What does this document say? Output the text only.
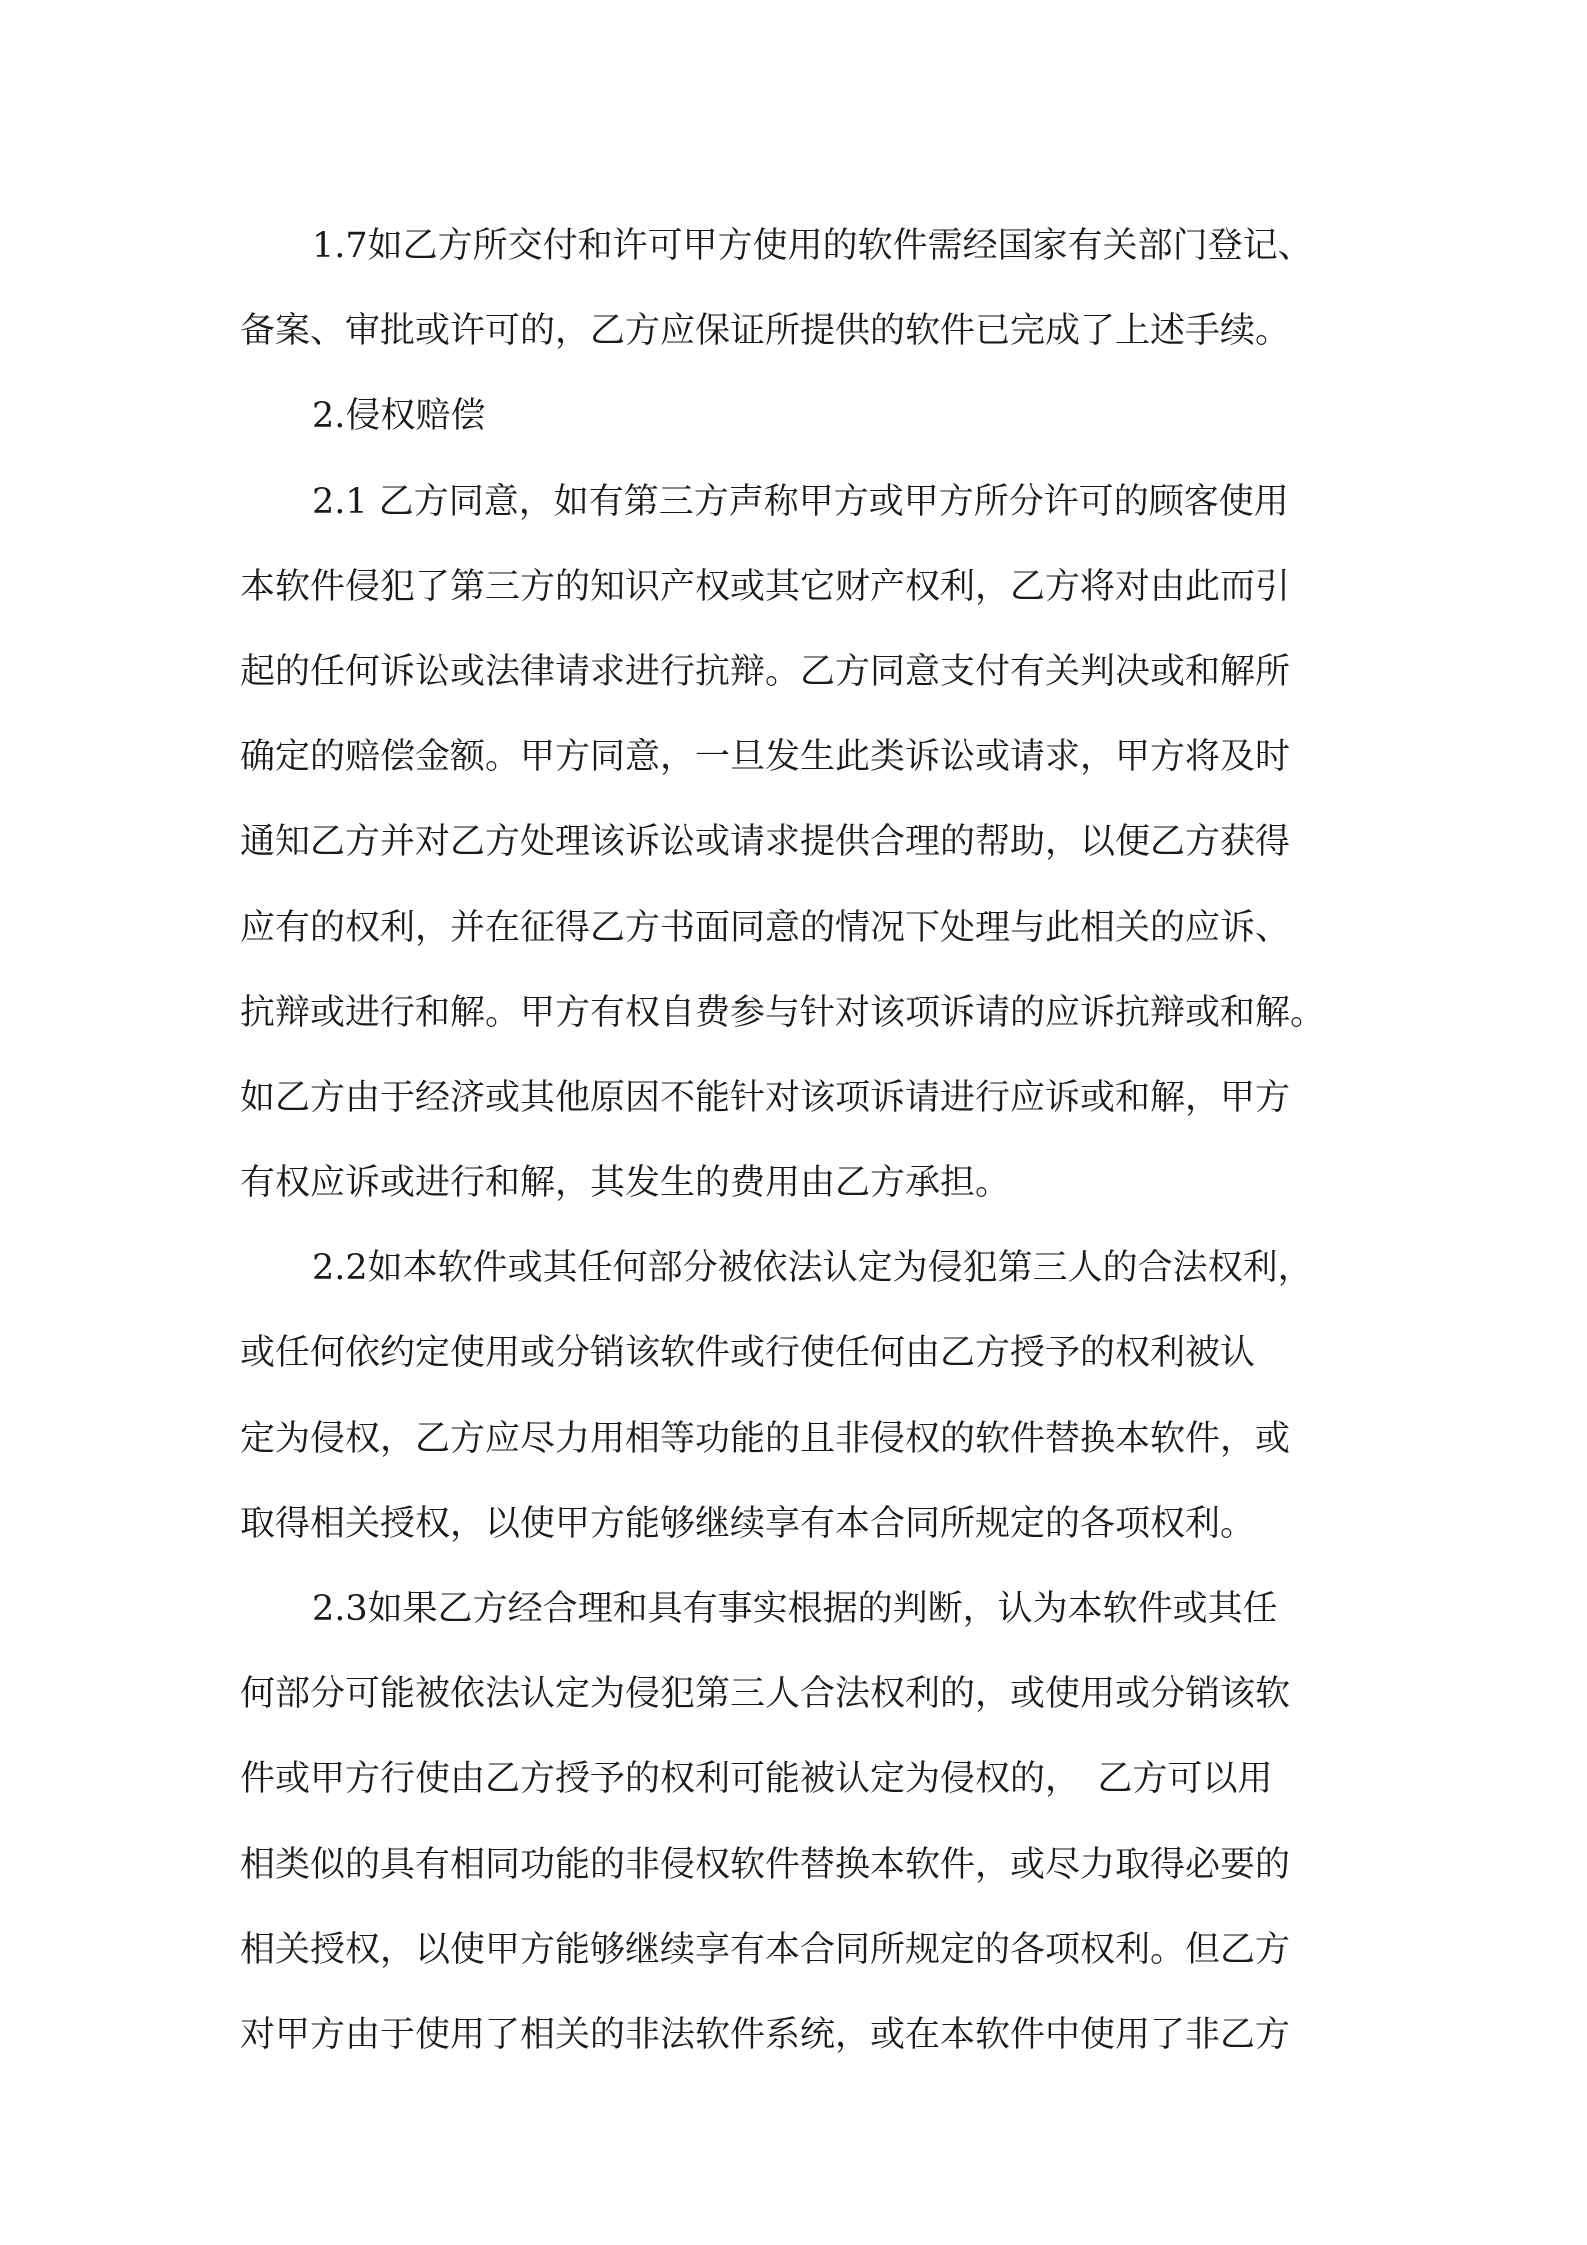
1.7如乙方所交付和许可甲方使用的软件需经国家有关部门登记、
备案、审批或许可的，乙方应保证所提供的软件已完成了上述手续。
2.侵权赔偿
2.1 乙方同意，如有第三方声称甲方或甲方所分许可的顾客使用
本软件侵犯了第三方的知识产权或其它财产权利，乙方将对由此而引
起的任何诉讼或法律请求进行抗辩。乙方同意支付有关判决或和解所
确定的赔偿金额。甲方同意，一旦发生此类诉讼或请求，甲方将及时
通知乙方并对乙方处理该诉讼或请求提供合理的帮助，以便乙方获得
应有的权利，并在征得乙方书面同意的情况下处理与此相关的应诉、
抗辩或进行和解。甲方有权自费参与针对该项诉请的应诉抗辩或和解。
如乙方由于经济或其他原因不能针对该项诉请进行应诉或和解，甲方
有权应诉或进行和解，其发生的费用由乙方承担。
2.2如本软件或其任何部分被依法认定为侵犯第三人的合法权利，
或任何依约定使用或分销该软件或行使任何由乙方授予的权利被认
定为侵权，乙方应尽力用相等功能的且非侵权的软件替换本软件，或
取得相关授权，以使甲方能够继续享有本合同所规定的各项权利。
2.3如果乙方经合理和具有事实根据的判断，认为本软件或其任
何部分可能被依法认定为侵犯第三人合法权利的，或使用或分销该软
件或甲方行使由乙方授予的权利可能被认定为侵权的，　乙方可以用
相类似的具有相同功能的非侵权软件替换本软件，或尽力取得必要的
相关授权，以使甲方能够继续享有本合同所规定的各项权利。但乙方
对甲方由于使用了相关的非法软件系统，或在本软件中使用了非乙方
